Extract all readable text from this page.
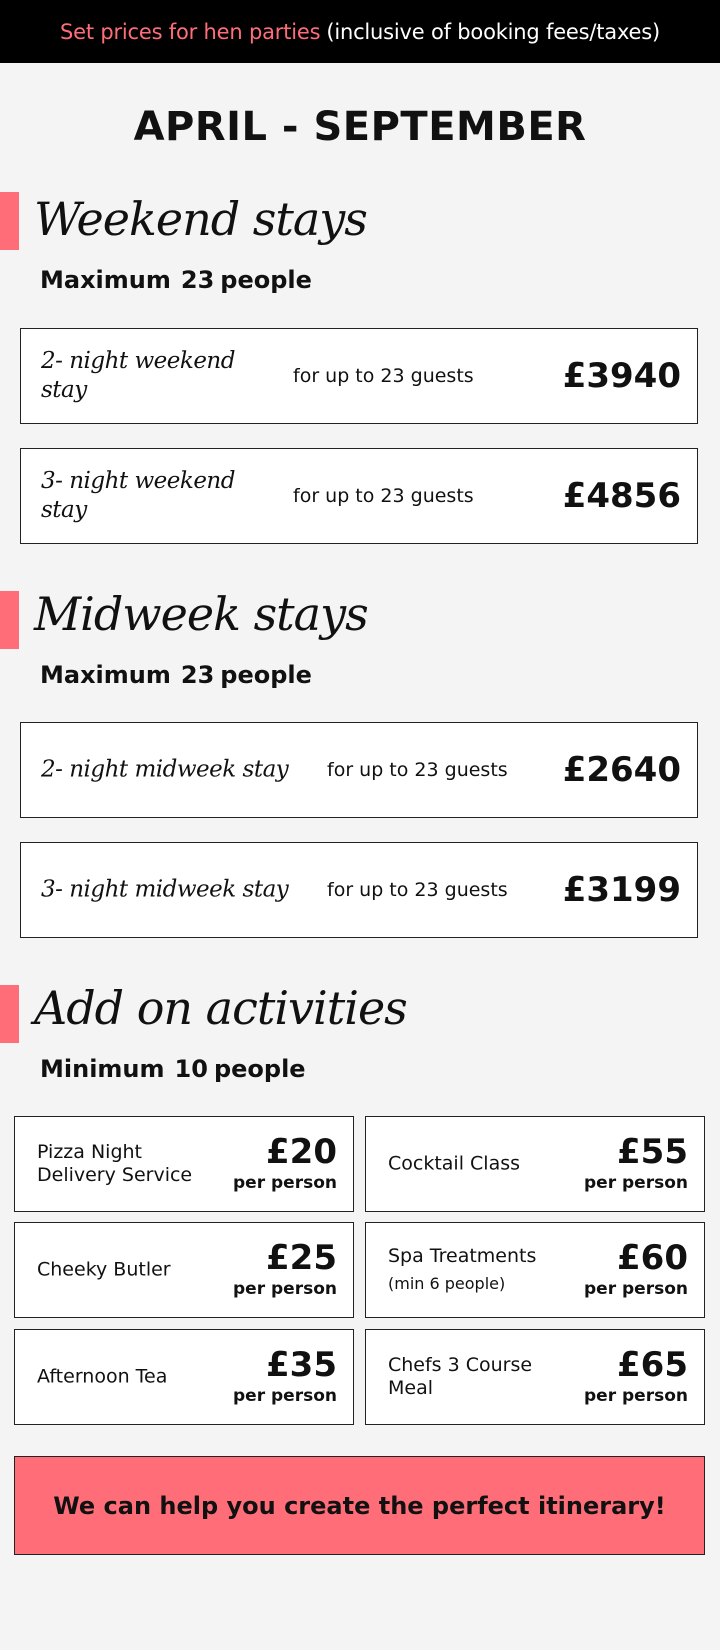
Set prices for hen parties (inclusive of booking fees/taxes)
APRIL - SEPTEMBER
Weekend stays
Maximum 23 people
2- night weekend stay
for up to 23 guests	£3940
3- night weekend stay
for up to 23 guests	£4856
Midweek stays
Maximum 23 people
2- night midweek stay	for up to 23 guests £2640
3- night midweek stay	for up to 23 guests £3199
Add on activities
Minimum 10 people
Pizza Night Delivery Service
£20
per person
Cocktail Class	£55
per person
Cheeky Butler	£25
per person
Spa Treatments
(min 6 people)
£60
per person
Afternoon Tea	£35
per person
Chefs 3 Course Meal
£65
per person
We can help you create the perfect itinerary!
